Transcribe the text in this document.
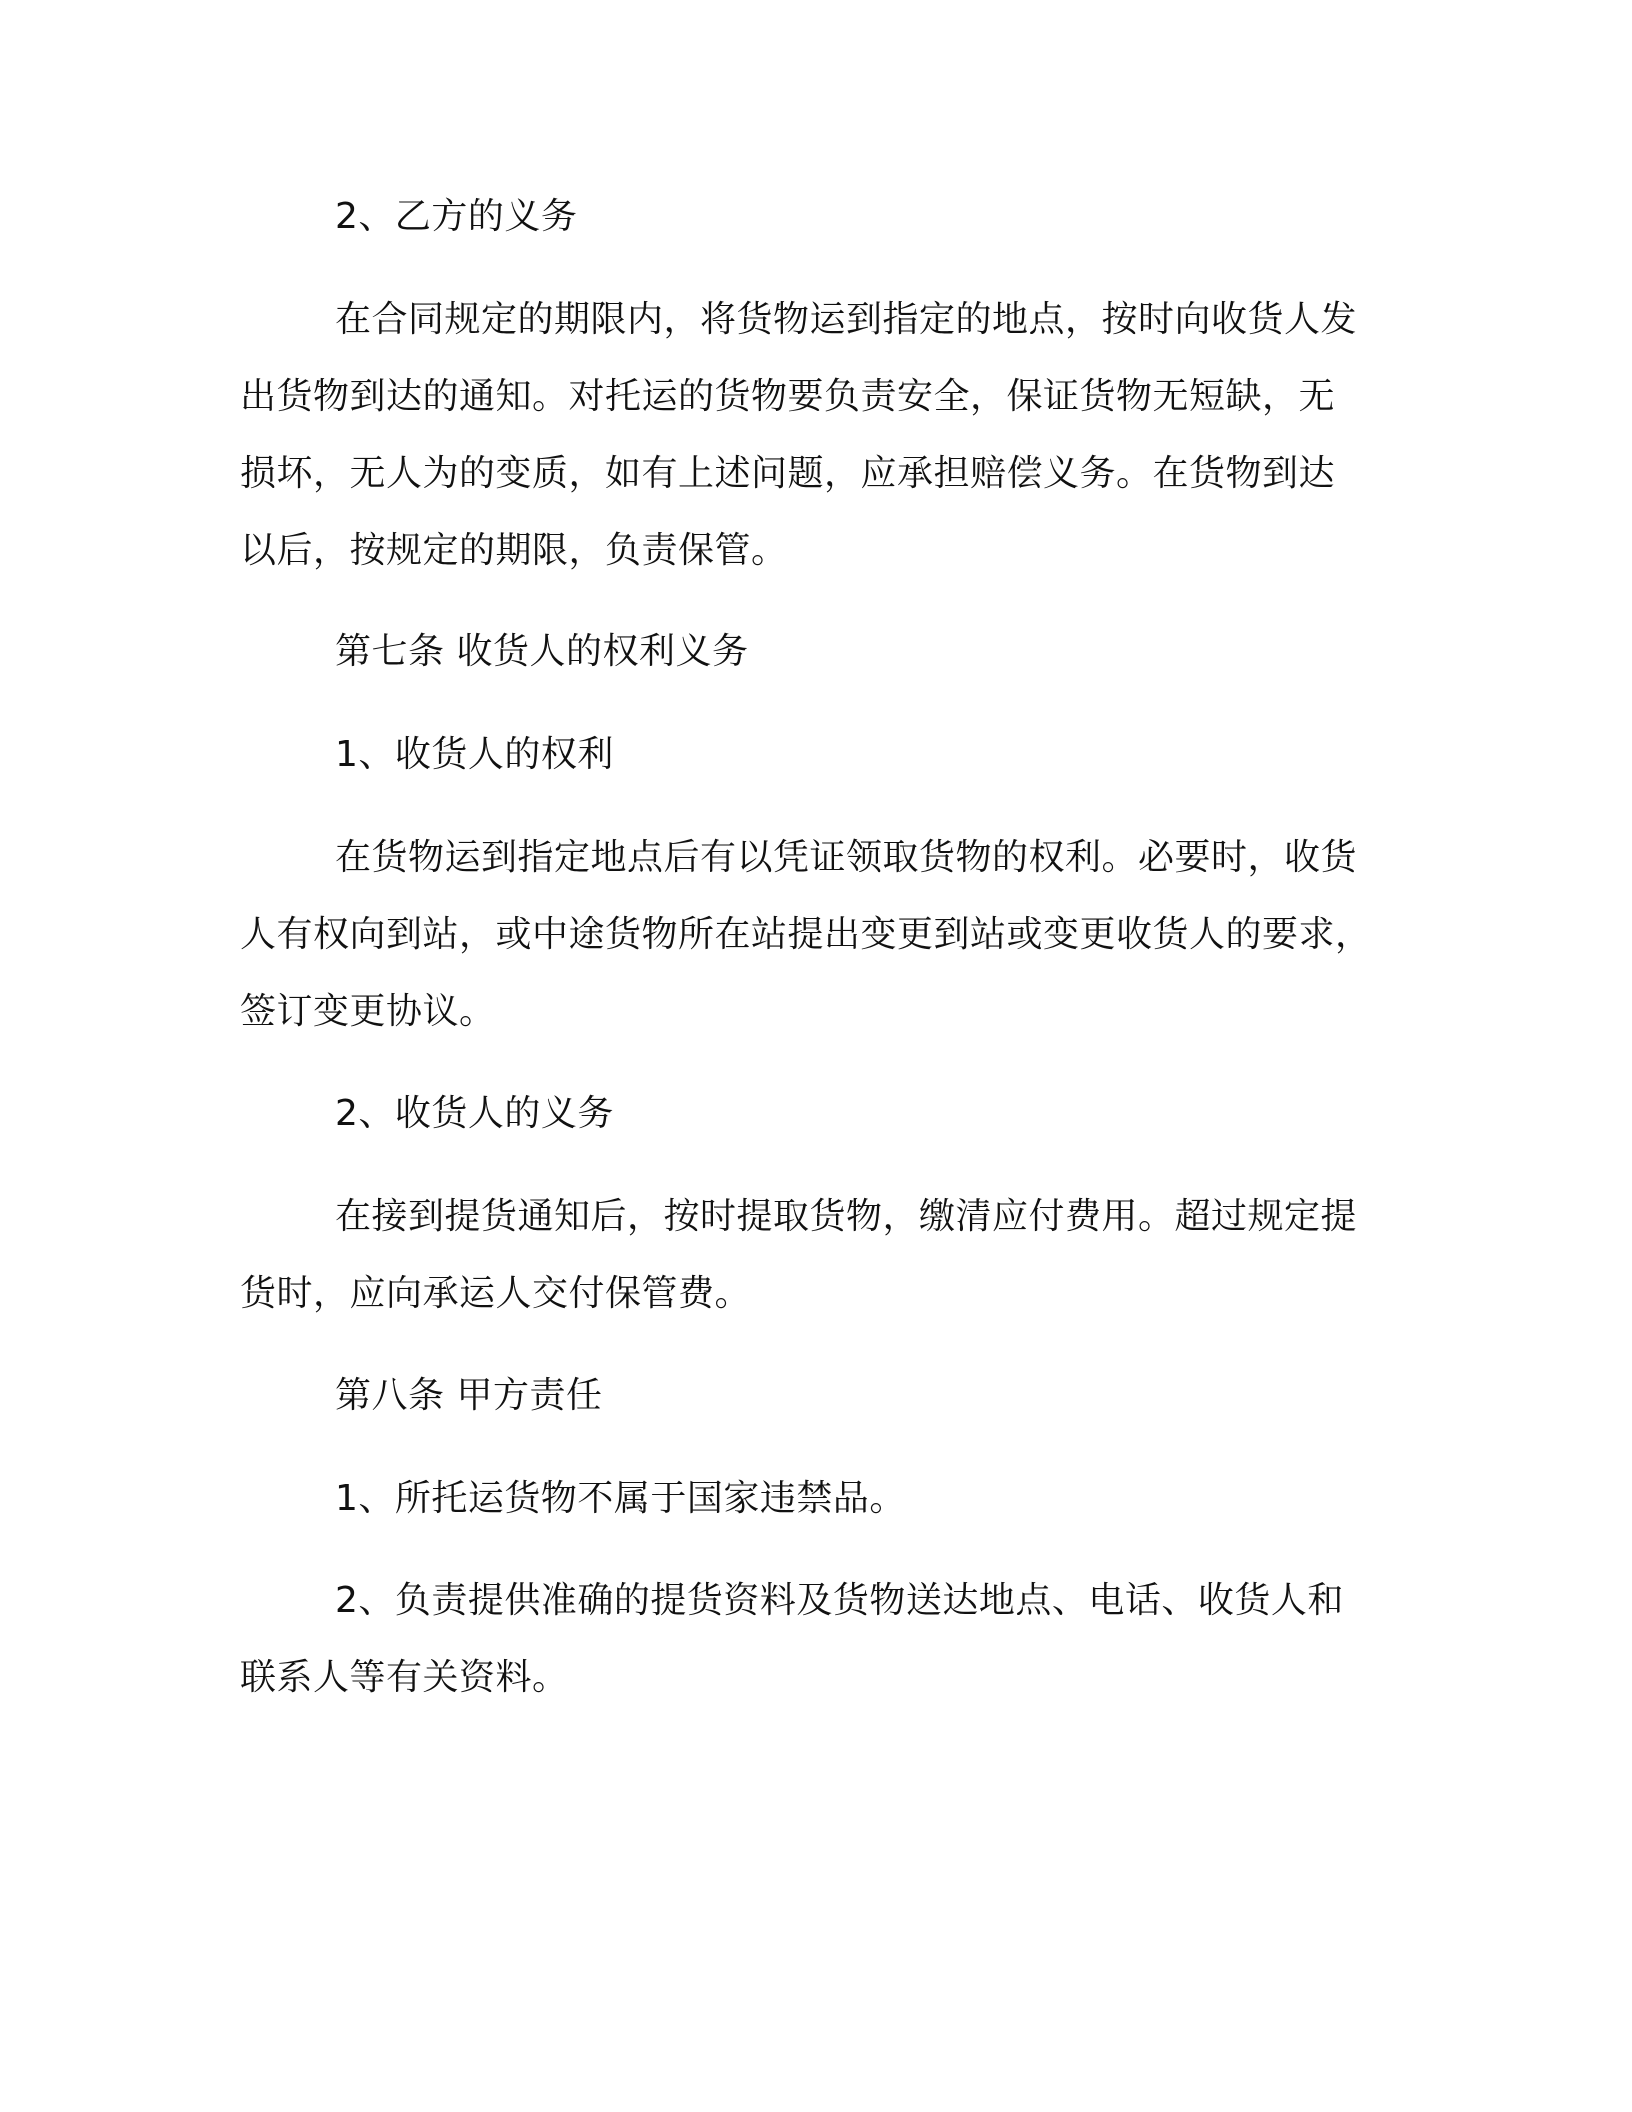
2、乙方的义务

在合同规定的期限内，将货物运到指定的地点，按时向收货人发

出货物到达的通知。对托运的货物要负责安全，保证货物无短缺，无

损坏，无人为的变质，如有上述问题，应承担赔偿义务。在货物到达

以后，按规定的期限，负责保管。

第七条 收货人的权利义务

1、收货人的权利

在货物运到指定地点后有以凭证领取货物的权利。必要时，收货

人有权向到站，或中途货物所在站提出变更到站或变更收货人的要求，

签订变更协议。

2、收货人的义务

在接到提货通知后，按时提取货物，缴清应付费用。超过规定提

货时，应向承运人交付保管费。

第八条 甲方责任

1、所托运货物不属于国家违禁品。

2、负责提供准确的提货资料及货物送达地点、电话、收货人和

联系人等有关资料。
